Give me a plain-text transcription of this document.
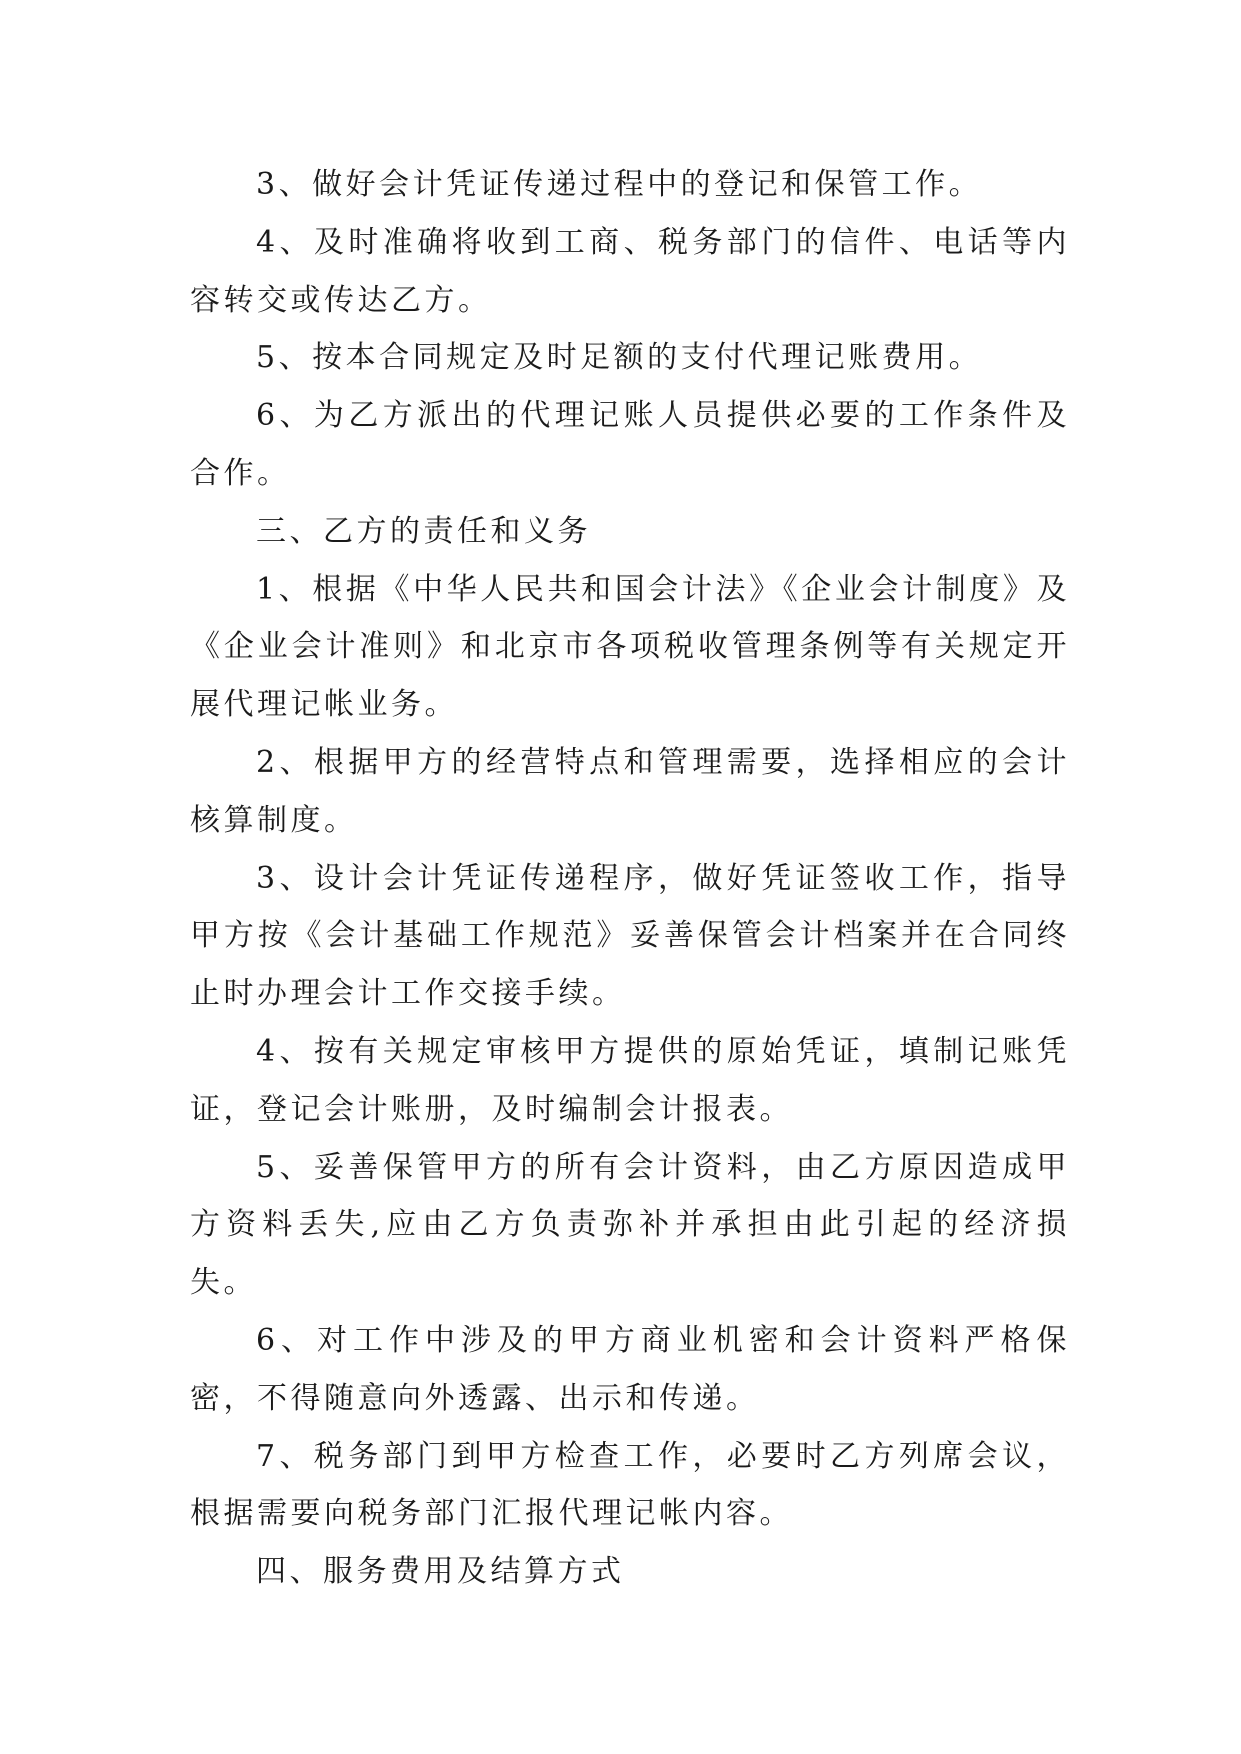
3、做好会计凭证传递过程中的登记和保管工作。

4、及时准确将收到工商、税务部门的信件、电话等内容转交或传达乙方。

5、按本合同规定及时足额的支付代理记账费用。

6、为乙方派出的代理记账人员提供必要的工作条件及合作。

三、乙方的责任和义务

1、根据《中华人民共和国会计法》《企业会计制度》及《企业会计准则》和北京市各项税收管理条例等有关规定开展代理记帐业务。

2、根据甲方的经营特点和管理需要，选择相应的会计核算制度。

3、设计会计凭证传递程序，做好凭证签收工作，指导甲方按《会计基础工作规范》妥善保管会计档案并在合同终止时办理会计工作交接手续。

4、按有关规定审核甲方提供的原始凭证，填制记账凭证，登记会计账册，及时编制会计报表。

5、妥善保管甲方的所有会计资料，由乙方原因造成甲方资料丢失,应由乙方负责弥补并承担由此引起的经济损失。

6、对工作中涉及的甲方商业机密和会计资料严格保密，不得随意向外透露、出示和传递。

7、税务部门到甲方检查工作，必要时乙方列席会议，根据需要向税务部门汇报代理记帐内容。

四、服务费用及结算方式
